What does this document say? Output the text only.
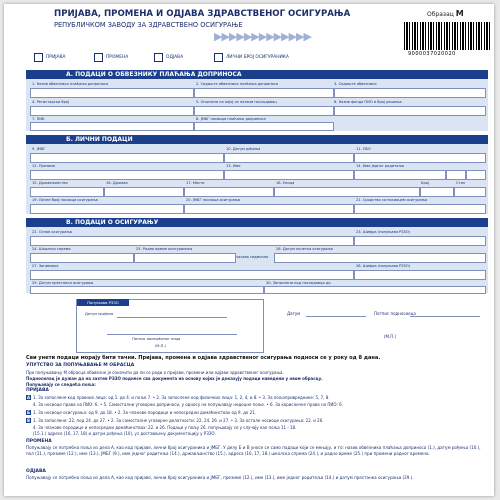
ПРИЈАВА, ПРОМЕНА И ОДЈАВА ЗДРАВСТВЕНОГ ОСИГУРАЊА
РЕПУБЛИЧКОМ ЗАВОДУ ЗА ЗДРАВСТВЕНО ОСИГУРАЊЕ
Образац М
▶▶▶▶▶▶▶▶▶▶▶▶▶
9000037020020
ПРИЈАВА	ПРОМЕНА	ОДЈАВА	ЛИЧНИ БРОЈ ОСИГУРАНИКА
A. ПОДАЦИ О ОБВЕЗНИКУ ПЛАЋАЊА ДОПРИНОСА
1. Назив обвезника плаћања доприноса	2. Седиште обвезника плаћања доприноса	3. Седиште обвезника
4. Регистарски број	5. Општина на којој се налази послодавац	6. Назив фонда ПИО и број решења
7. ПИБ	8. ЈМБГ носиоца плаћања доприноса
Б. ЛИЧНИ ПОДАЦИ
9. ЈМБГ	10. Датум рођења	11. ЛБО
12. Презиме	13. Име	14. Име једног родитеља
15. Држављанство	16. Држава	17. Место	18. Улица	Број	Стан
19. Личне број носиоца осигурања	20. ЈМБГ носиоца осигурања	21. Сродство са носиоцем осигурања
В. ПОДАЦИ О ОСИГУРАЊУ
22. Основ осигурања	23. Шифра (попуњава РЗЗО)
24. Школска спрема	25. Радно време осигураника	26. Датум почетка осигурања
часова седмично
27. Занимање	28. Шифра (попуњава РЗЗО)
29. Датум престанка осигурања	30. Запослени код послодавца до
Попуњава РЗЗО
Датум пријема
Потпис овлашћеног лица
(М.П.)
Датум	Потпис подносиоца
(М.П.)
Сви унети подаци морају бити тачни. Пријава, промена и одјава здравственог осигурања подноси се у року од 8 дана.
УПУТСТВО ЗА ПОПУЊАВАЊЕ М ОБРАСЦА
При попуњавању М обрасца обавезно је означити да ли се ради о пријави, промени или одјави здравственог осигурања.
Подносилац је дужан да на захтев РЗЗО поднесе сва документа на основу којих је доказују подаци наведени у овом обрасцу.
Попуњавају се следећа поља:
ПРИЈАВА
A 1. За запослене код правних лица: од 1. до 4. и поље 7. • 2. За запослене код физичких лица: 1, 2, 4, и 8. • 3. За пољопривреднике: 5, 7, 8.
4. За носиоце права на ПИО: 6. • 5. Самостални уговорни доприноси, у односу на попуњавају недоцне поље. • 6. За корисничке права на ПИО: 6.
Б 1. За носиоце осигурања: од 9. до 18. • 2. За чланове породице и непосредни домаћинствах од 9. до 21.
В 1. За запослене: 22, под 24. до 27. • 2. За самосталне уговорне делатности: 22, 24, 26. и 27. • 3. За остале носиоце осигурања: 22. и 26.
4. За чланове породице и непосредни домаћинствах: 22. и 26. Подаци у пољу 26. попуњавају се у случају као поља 11 - 18.
(15.1.) адресе (16, 17, 18) и датум рођења (10), уз достављену документацију у РЗЗО.
ПРОМЕНА
Попуњавају се потребна поља из дела А, као код пријаве, лични број осигураника и ЈМБГ. У делу Б и В уносе се само подаци који се мењају, и то: назив обвезника плаћања доприноса (1.), датум рођења (10.), пол (11.), презиме (12.), име (13.), ЈМБГ (9.), име једног родитеља (14.), држављанство (15.), адреса (16, 17, 18.) школска спрема (24.), и радно време (25.) при промени радног времена.
ОДЈАВА
Попуњавају се потребна поља из дела А, као код пријаве, лични број осигураника и ЈМБГ, презиме (12.), име (13.), име једног родитеља (14.) и датум престанка осигурања (29.).
